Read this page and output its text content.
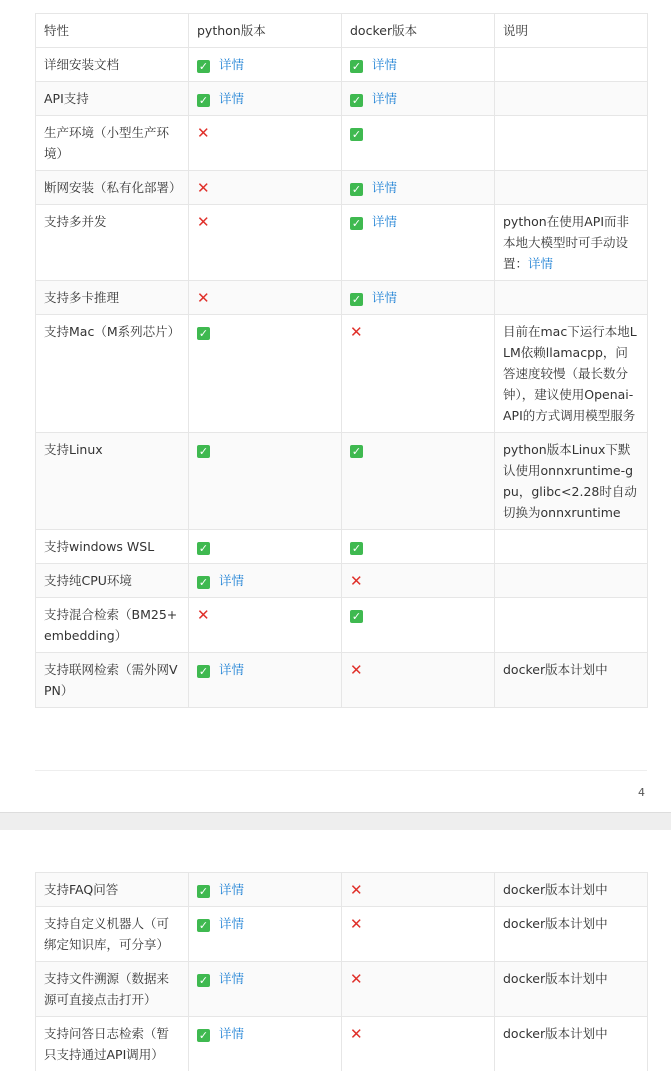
特性	python版本	docker版本	说明
详细安装文档	✓ 详情	✓ 详情	
API支持	✓ 详情	✓ 详情	
生产环境（小型生产环境）	✕	✓	
断网安装（私有化部署）	✕	✓ 详情	
支持多并发	✕	✓ 详情	python在使用API而非本地大模型时可手动设置：详情
支持多卡推理	✕	✓ 详情	
支持Mac（M系列芯片）	✓	✕	目前在mac下运行本地LLM依赖llamacpp，问答速度较慢（最长数分钟），建议使用Openai-API的方式调用模型服务
支持Linux	✓	✓	python版本Linux下默认使用onnxruntime-gpu，glibc<2.28时自动切换为onnxruntime
支持windows WSL	✓	✓	
支持纯CPU环境	✓ 详情	✕	
支持混合检索（BM25+embedding）	✕	✓	
支持联网检索（需外网VPN）	✓ 详情	✕	docker版本计划中
4
支持FAQ问答	✓ 详情	✕	docker版本计划中
支持自定义机器人（可绑定知识库，可分享）	✓ 详情	✕	docker版本计划中
支持文件溯源（数据来源可直接点击打开）	✓ 详情	✕	docker版本计划中
支持问答日志检索（暂只支持通过API调用）	✓ 详情	✕	docker版本计划中
